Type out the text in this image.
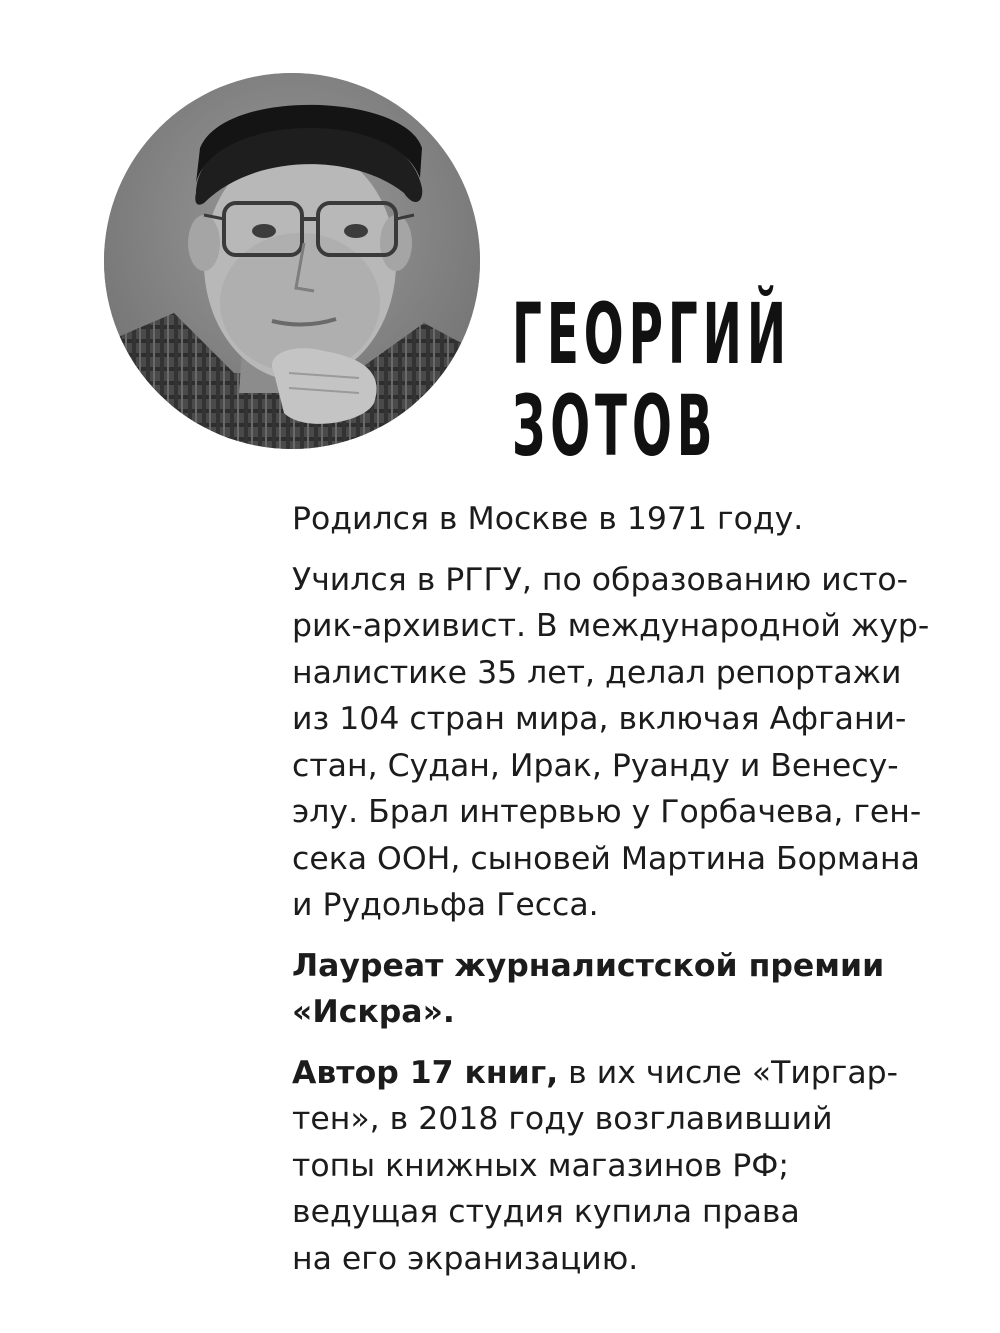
ГЕОРГИЙ
ЗОТОВ

Родился в Москве в 1971 году.

Учился в РГГУ, по образованию исто-
рик-архивист. В международной жур-
налистике 35 лет, делал репортажи
из 104 стран мира, включая Афгани-
стан, Судан, Ирак, Руанду и Венесу-
элу. Брал интервью у Горбачева, ген-
сека ООН, сыновей Мартина Бормана
и Рудольфа Гесса.

Лауреат журналистской премии
«Искра».

Автор 17 книг, в их числе «Тиргар-
тен», в 2018 году возглавивший
топы книжных магазинов РФ;
ведущая студия купила права
на его экранизацию.
